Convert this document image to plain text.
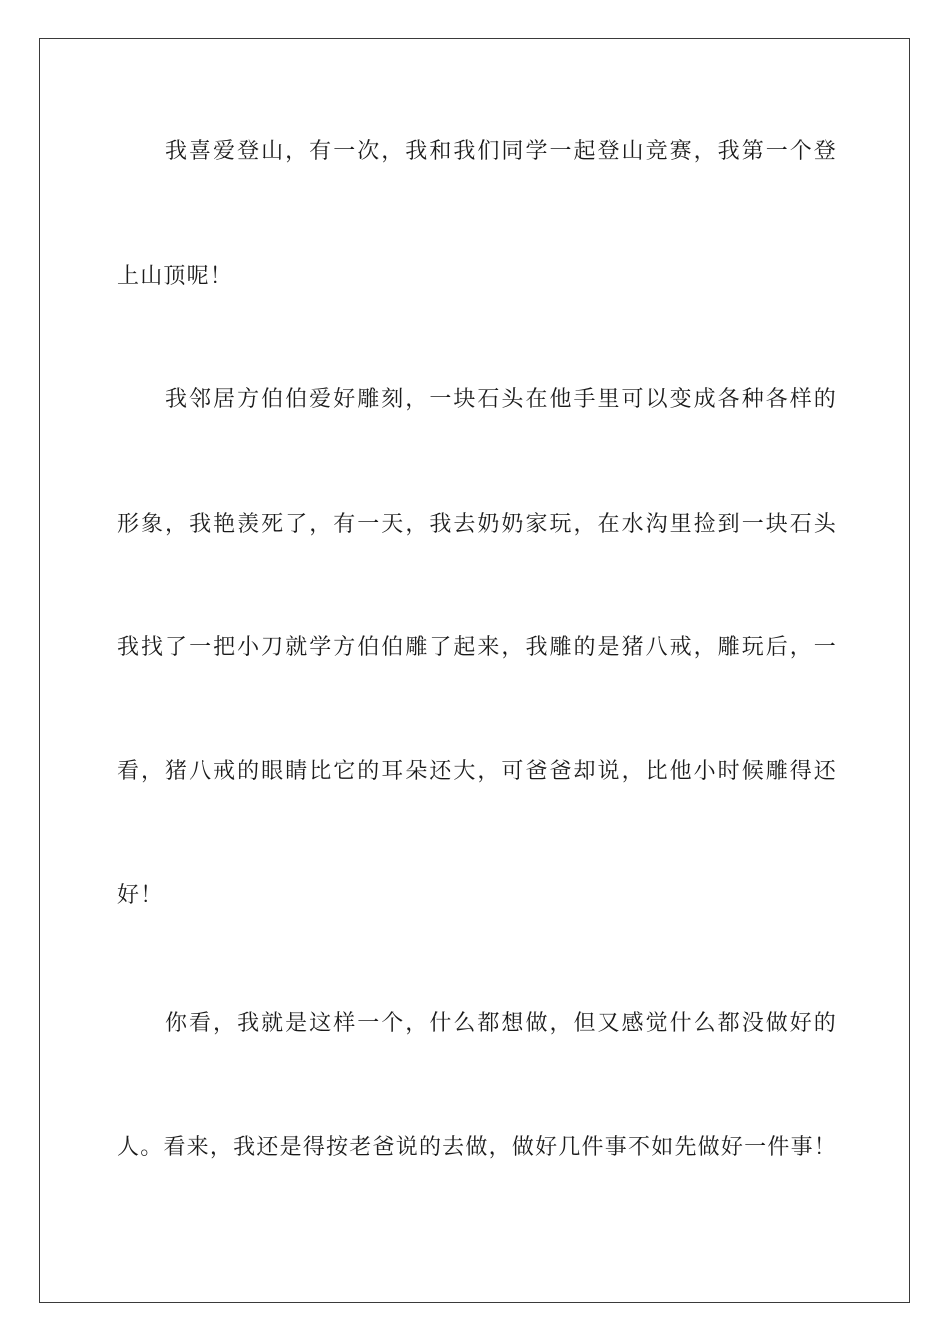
我喜爱登山，有一次，我和我们同学一起登山竞赛，我第一个登
上山顶呢！
我邻居方伯伯爱好雕刻，一块石头在他手里可以变成各种各样的
形象，我艳羡死了，有一天，我去奶奶家玩，在水沟里捡到一块石头
我找了一把小刀就学方伯伯雕了起来，我雕的是猪八戒，雕玩后，一
看，猪八戒的眼睛比它的耳朵还大，可爸爸却说，比他小时候雕得还
好！
你看，我就是这样一个，什么都想做，但又感觉什么都没做好的
人。看来，我还是得按老爸说的去做，做好几件事不如先做好一件事！
